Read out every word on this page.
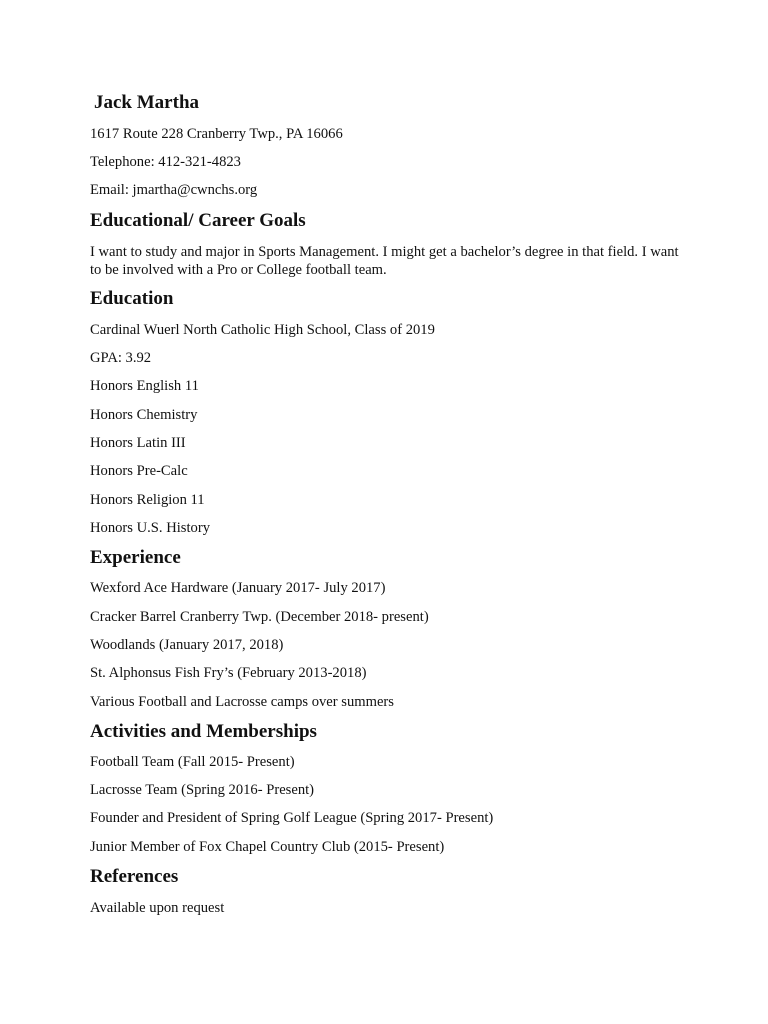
Jack Martha

1617 Route 228 Cranberry Twp., PA 16066

Telephone: 412-321-4823

Email: jmartha@cwnchs.org

Educational/ Career Goals

I want to study and major in Sports Management. I might get a bachelor’s degree in that field. I want to be involved with a Pro or College football team.

Education

Cardinal Wuerl North Catholic High School, Class of 2019

GPA: 3.92

Honors English 11

Honors Chemistry

Honors Latin III

Honors Pre-Calc

Honors Religion 11

Honors U.S. History

Experience

Wexford Ace Hardware (January 2017- July 2017)

Cracker Barrel Cranberry Twp. (December 2018- present)

Woodlands (January 2017, 2018)

St. Alphonsus Fish Fry’s (February 2013-2018)

Various Football and Lacrosse camps over summers

Activities and Memberships

Football Team (Fall 2015- Present)

Lacrosse Team (Spring 2016- Present)

Founder and President of Spring Golf League (Spring 2017- Present)

Junior Member of Fox Chapel Country Club (2015- Present)

References

Available upon request
